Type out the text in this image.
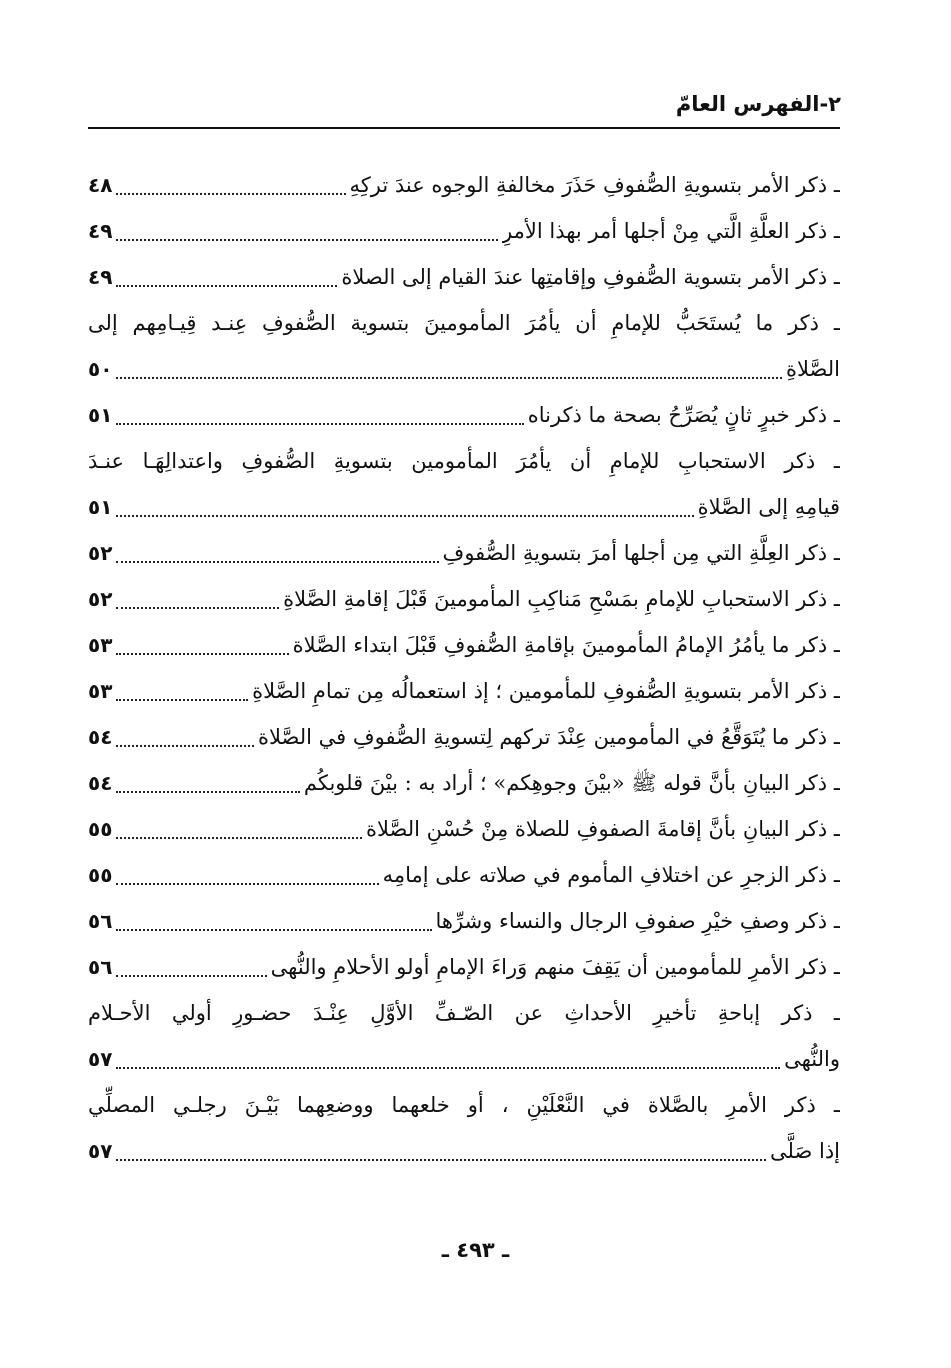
٢-الفهرس العامّ
ـ ذكر الأمر بتسويةِ الصُّفوفِ حَذَرَ مخالفةِ الوجوه عندَ تركِهِ
٤٨
ـ ذكر العلَّةِ الَّتي مِنْ أجلها أمر بهذا الأمرِ
٤٩
ـ ذكر الأمر بتسوية الصُّفوفِ وإقامتِها عندَ القيام إلى الصلاة
٤٩
ـ ذكر ما يُستَحَبُّ للإمامِ أن يأمُرَ المأمومينَ بتسوية الصُّفوفِ عِنـد قِيـامِهم إلى
الصَّلاةِ
٥٠
ـ ذكر خبرٍ ثانٍ يُصَرِّحُ بصحة ما ذكرناه
٥١
ـ ذكر الاستحبابِ للإمامِ أن يأمُرَ المأمومين بتسويةِ الصُّفوفِ واعتدالِهَـا عنـدَ
قيامِهِ إلى الصَّلاةِ
٥١
ـ ذكر العِلَّةِ التي مِن أجلها أمرَ بتسويةِ الصُّفوفِ
٥٢
ـ ذكر الاستحبابِ للإمامِ بمَسْحِ مَناكِبِ المأمومينَ قَبْلَ إقامةِ الصَّلاةِ
٥٢
ـ ذكر ما يأمُرُ الإمامُ المأمومينَ بإقامةِ الصُّفوفِ قَبْلَ ابتداء الصَّلاة
٥٣
ـ ذكر الأمر بتسويةِ الصُّفوفِ للمأمومين ؛ إذ استعمالُه مِن تمامِ الصَّلاةِ
٥٣
ـ ذكر ما يُتَوَقَّعُ في المأمومين عِنْدَ تركهم لِتسويةِ الصُّفوفِ في الصَّلاة
٥٤
ـ ذكر البيانِ بأنَّ قوله ﷺ «بيْنَ وجوهِكم» ؛ أراد به : بيْنَ قلوبكُم
٥٤
ـ ذكر البيانِ بأنَّ إقامةَ الصفوفِ للصلاة مِنْ حُسْنِ الصَّلاة
٥٥
ـ ذكر الزجرِ عن اختلافِ المأموم في صلاته على إمامِه
٥٥
ـ ذكر وصفِ خيْرِ صفوفِ الرجال والنساء وشرِّها
٥٦
ـ ذكر الأمرِ للمأمومين أن يَقِفَ منهم وَراءَ الإمامِ أولو الأحلامِ والنُّهى
٥٦
ـ ذكر إباحةِ تأخيرِ الأحداثِ عن الصّـفِّ الأوَّلِ عِنْـدَ حضـورِ أولي الأحـلام
والنُّهى
٥٧
ـ ذكر الأمرِ بالصَّلاة في النَّعْلَيْنِ ، أو خلعهما ووضعِهما بَيْـنَ رجلـي المصلِّي
إذا صَلَّى
٥٧
ـ ٤٩٣ ـ
